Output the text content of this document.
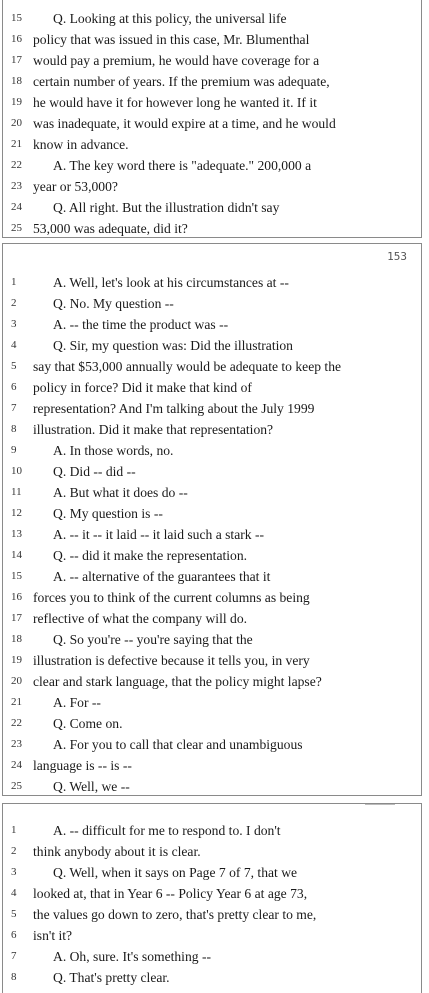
15	Q. Looking at this policy, the universal life
16 policy that was issued in this case, Mr. Blumenthal
17 would pay a premium, he would have coverage for a
18 certain number of years. If the premium was adequate,
19 he would have it for however long he wanted it. If it
20 was inadequate, it would expire at a time, and he would
21 know in advance.
22	A. The key word there is "adequate." 200,000 a
23 year or 53,000?
24	Q. All right. But the illustration didn't say
25 53,000 was adequate, did it?
153
1	A. Well, let's look at his circumstances at --
2	Q. No. My question --
3	A. -- the time the product was --
4	Q. Sir, my question was: Did the illustration
5	say that $53,000 annually would be adequate to keep the
6	policy in force? Did it make that kind of
7	representation? And I'm talking about the July 1999
8	illustration. Did it make that representation?
9	A. In those words, no.
10	Q. Did -- did --
11	A. But what it does do --
12	Q. My question is --
13	A. -- it -- it laid -- it laid such a stark --
14	Q. -- did it make the representation.
15	A. -- alternative of the guarantees that it
16 forces you to think of the current columns as being
17 reflective of what the company will do.
18	Q. So you're -- you're saying that the
19 illustration is defective because it tells you, in very
20 clear and stark language, that the policy might lapse?
21	A. For --
22	Q. Come on.
23	A. For you to call that clear and unambiguous
24 language is -- is --
25	Q. Well, we --
1	A. -- difficult for me to respond to. I don't
2	think anybody about it is clear.
3	Q. Well, when it says on Page 7 of 7, that we
4	looked at, that in Year 6 -- Policy Year 6 at age 73,
5	the values go down to zero, that's pretty clear to me,
6	isn't it?
7	A. Oh, sure. It's something --
8	Q. That's pretty clear.
